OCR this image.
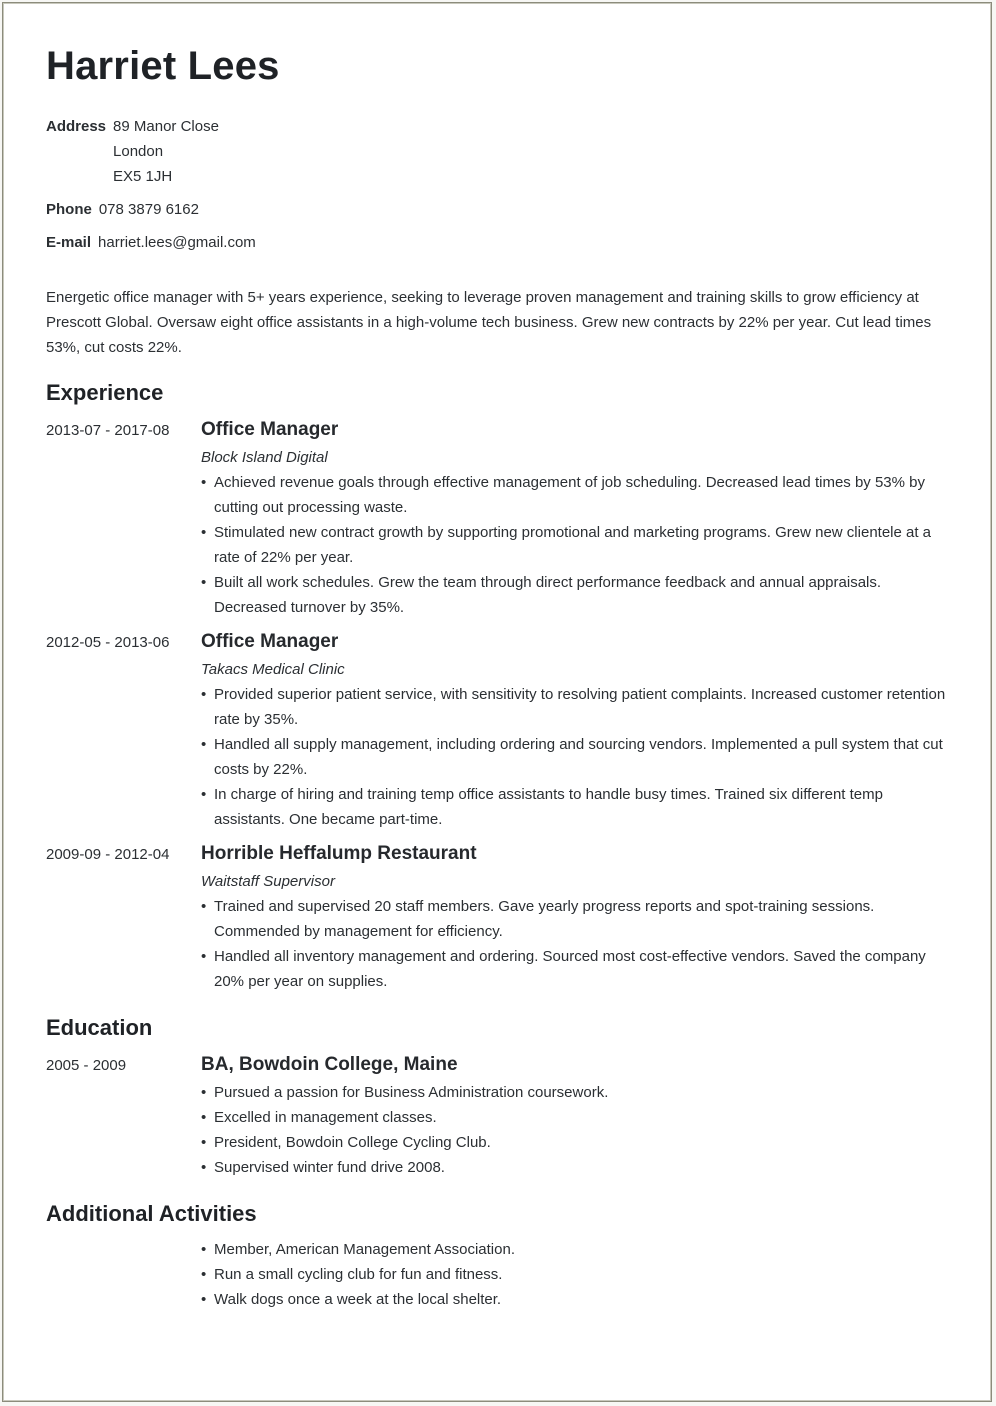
Harriet Lees
Address 89 Manor Close
London
EX5 1JH
Phone 078 3879 6162
E-mail harriet.lees@gmail.com
Energetic office manager with 5+ years experience, seeking to leverage proven management and training skills to grow efficiency at Prescott Global. Oversaw eight office assistants in a high-volume tech business. Grew new contracts by 22% per year. Cut lead times 53%, cut costs 22%.
Experience
2013-07 - 2017-08	Office Manager
Block Island Digital
• Achieved revenue goals through effective management of job scheduling. Decreased lead times by 53% by cutting out processing waste.
• Stimulated new contract growth by supporting promotional and marketing programs. Grew new clientele at a rate of 22% per year.
• Built all work schedules. Grew the team through direct performance feedback and annual appraisals. Decreased turnover by 35%.
2012-05 - 2013-06	Office Manager
Takacs Medical Clinic
• Provided superior patient service, with sensitivity to resolving patient complaints. Increased customer retention rate by 35%.
• Handled all supply management, including ordering and sourcing vendors. Implemented a pull system that cut costs by 22%.
• In charge of hiring and training temp office assistants to handle busy times. Trained six different temp assistants. One became part-time.
2009-09 - 2012-04	Horrible Heffalump Restaurant
Waitstaff Supervisor
• Trained and supervised 20 staff members. Gave yearly progress reports and spot-training sessions. Commended by management for efficiency.
• Handled all inventory management and ordering. Sourced most cost-effective vendors. Saved the company 20% per year on supplies.
Education
2005 - 2009	BA, Bowdoin College, Maine
• Pursued a passion for Business Administration coursework.
• Excelled in management classes.
• President, Bowdoin College Cycling Club.
• Supervised winter fund drive 2008.
Additional Activities
• Member, American Management Association.
• Run a small cycling club for fun and fitness.
• Walk dogs once a week at the local shelter.
